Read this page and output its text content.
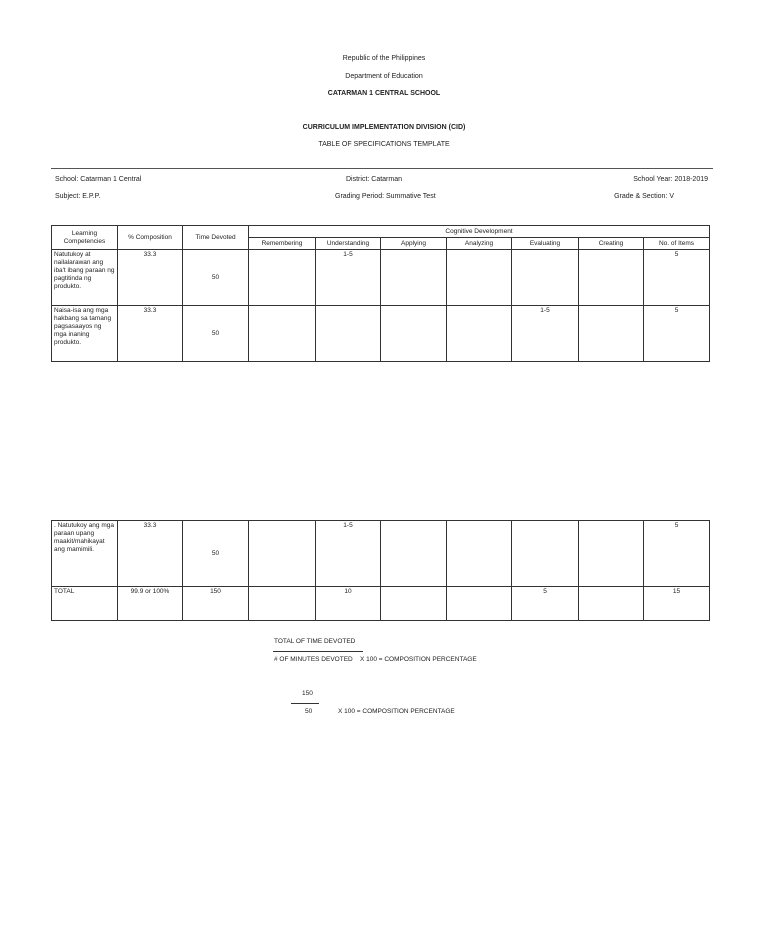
Republic of the Philippines
Department of Education
CATARMAN 1 CENTRAL SCHOOL
CURRICULUM IMPLEMENTATION DIVISION (CID)
TABLE OF SPECIFICATIONS TEMPLATE
School: Catarman 1 Central	District: Catarman	School Year: 2018-2019
Subject: E.P.P.	Grading Period: Summative Test	Grade & Section: V
Learning Competencies	% Composition	Time Devoted	Cognitive Development						
			Remembering	Understanding	Applying	Analyzing	Evaluating	Creating	No. of Items
Natutukoy at nailalarawan ang iba't ibang paraan ng pagtitinda ng produkto.	33.3	50		1-5					5
Naisa-isa ang mga hakbang sa tamang pagsasaayos ng mga inaning produkto.	33.3	50					1-5		5
. Natutukoy ang mga paraan upang maakit/mahikayat ang mamimili.	33.3	50		1-5					5
TOTAL	99.9 or 100%	150		10			5		15
TOTAL OF TIME DEVOTED
# OF MINUTES DEVOTED    X 100 = COMPOSITION PERCENTAGE
150
50	X 100 = COMPOSITION PERCENTAGE
